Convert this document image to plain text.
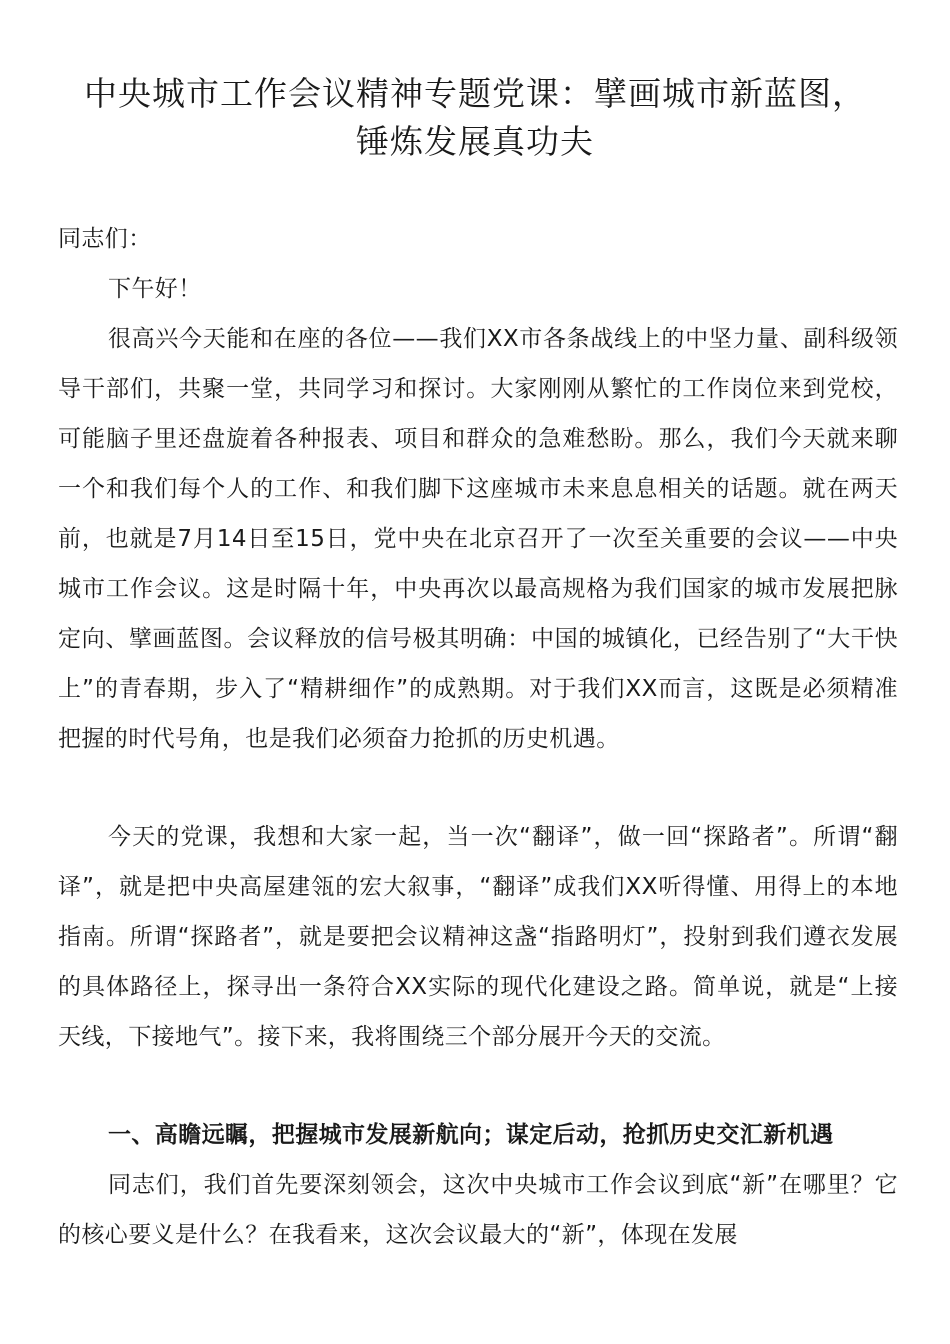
中央城市工作会议精神专题党课：擘画城市新蓝图，
锤炼发展真功夫

同志们：

下午好！

很高兴今天能和在座的各位——我们XX市各条战线上的中坚力量、副科级领导干部们，共聚一堂，共同学习和探讨。大家刚刚从繁忙的工作岗位来到党校，可能脑子里还盘旋着各种报表、项目和群众的急难愁盼。那么，我们今天就来聊一个和我们每个人的工作、和我们脚下这座城市未来息息相关的话题。就在两天前，也就是7月14日至15日，党中央在北京召开了一次至关重要的会议——中央城市工作会议。这是时隔十年，中央再次以最高规格为我们国家的城市发展把脉定向、擘画蓝图。会议释放的信号极其明确：中国的城镇化，已经告别了“大干快上”的青春期，步入了“精耕细作”的成熟期。对于我们XX而言，这既是必须精准把握的时代号角，也是我们必须奋力抢抓的历史机遇。

今天的党课，我想和大家一起，当一次“翻译”，做一回“探路者”。所谓“翻译”，就是把中央高屋建瓴的宏大叙事，“翻译”成我们XX听得懂、用得上的本地指南。所谓“探路者”，就是要把会议精神这盏“指路明灯”，投射到我们遵衣发展的具体路径上，探寻出一条符合XX实际的现代化建设之路。简单说，就是“上接天线，下接地气”。接下来，我将围绕三个部分展开今天的交流。

一、高瞻远瞩，把握城市发展新航向；谋定后动，抢抓历史交汇新机遇

同志们，我们首先要深刻领会，这次中央城市工作会议到底“新”在哪里？它的核心要义是什么？在我看来，这次会议最大的“新”，体现在发展
